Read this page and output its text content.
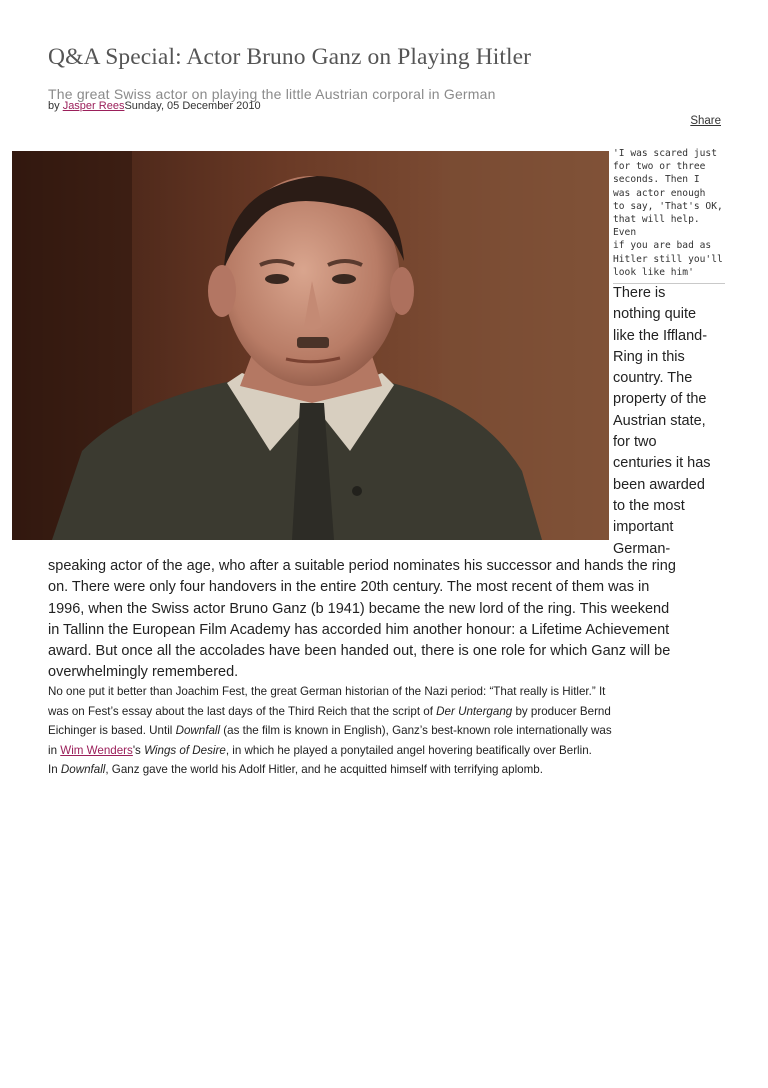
Q&A Special: Actor Bruno Ganz on Playing Hitler
The great Swiss actor on playing the little Austrian corporal in German
by Jasper ReesSunday, 05 December 2010
Share
'I was scared just
for two or three
seconds. Then I
was actor enough
to say, 'That's OK,
that will help. Even
if you are bad as
Hitler still you'll
look like him'
There is
nothing quite
like the Iffland-
Ring in this
country. The
property of the
Austrian state,
for two
centuries it has
been awarded
to the most
important
German-
speaking actor of the age, who after a suitable period nominates his successor and hands the ring
on. There were only four handovers in the entire 20th century. The most recent of them was in
1996, when the Swiss actor Bruno Ganz (b 1941) became the new lord of the ring. This weekend
in Tallinn the European Film Academy has accorded him another honour: a Lifetime Achievement
award. But once all the accolades have been handed out, there is one role for which Ganz will be
overwhelmingly remembered.
No one put it better than Joachim Fest, the great German historian of the Nazi period: “That really is Hitler.” It
was on Fest’s essay about the last days of the Third Reich that the script of Der Untergang by producer Bernd
Eichinger is based. Until Downfall (as the film is known in English), Ganz’s best-known role internationally was
in Wim Wenders's Wings of Desire, in which he played a ponytailed angel hovering beatifically over Berlin.
In Downfall, Ganz gave the world his Adolf Hitler, and he acquitted himself with terrifying aplomb.
